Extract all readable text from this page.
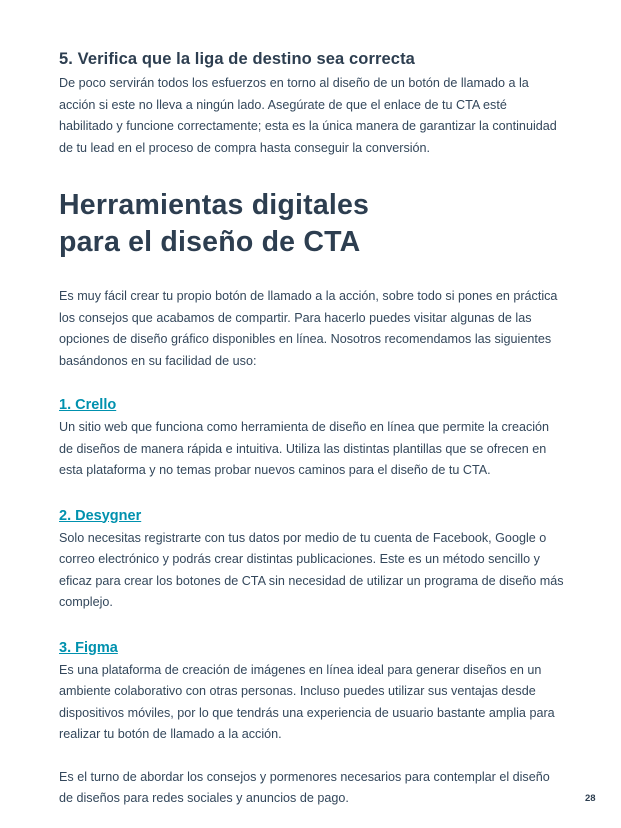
5. Verifica que la liga de destino sea correcta

De poco servirán todos los esfuerzos en torno al diseño de un botón de llamado a la acción si este no lleva a ningún lado. Asegúrate de que el enlace de tu CTA esté habilitado y funcione correctamente; esta es la única manera de garantizar la continuidad de tu lead en el proceso de compra hasta conseguir la conversión.

Herramientas digitales
para el diseño de CTA

Es muy fácil crear tu propio botón de llamado a la acción, sobre todo si pones en práctica los consejos que acabamos de compartir. Para hacerlo puedes visitar algunas de las opciones de diseño gráfico disponibles en línea. Nosotros recomendamos las siguientes basándonos en su facilidad de uso:

1. Crello

Un sitio web que funciona como herramienta de diseño en línea que permite la creación de diseños de manera rápida e intuitiva. Utiliza las distintas plantillas que se ofrecen en esta plataforma y no temas probar nuevos caminos para el diseño de tu CTA.

2. Desygner

Solo necesitas registrarte con tus datos por medio de tu cuenta de Facebook, Google o correo electrónico y podrás crear distintas publicaciones. Este es un método sencillo y eficaz para crear los botones de CTA sin necesidad de utilizar un programa de diseño más complejo.

3. Figma

Es una plataforma de creación de imágenes en línea ideal para generar diseños en un ambiente colaborativo con otras personas. Incluso puedes utilizar sus ventajas desde dispositivos móviles, por lo que tendrás una experiencia de usuario bastante amplia para realizar tu botón de llamado a la acción.

Es el turno de abordar los consejos y pormenores necesarios para contemplar el diseño de diseños para redes sociales y anuncios de pago.	28
